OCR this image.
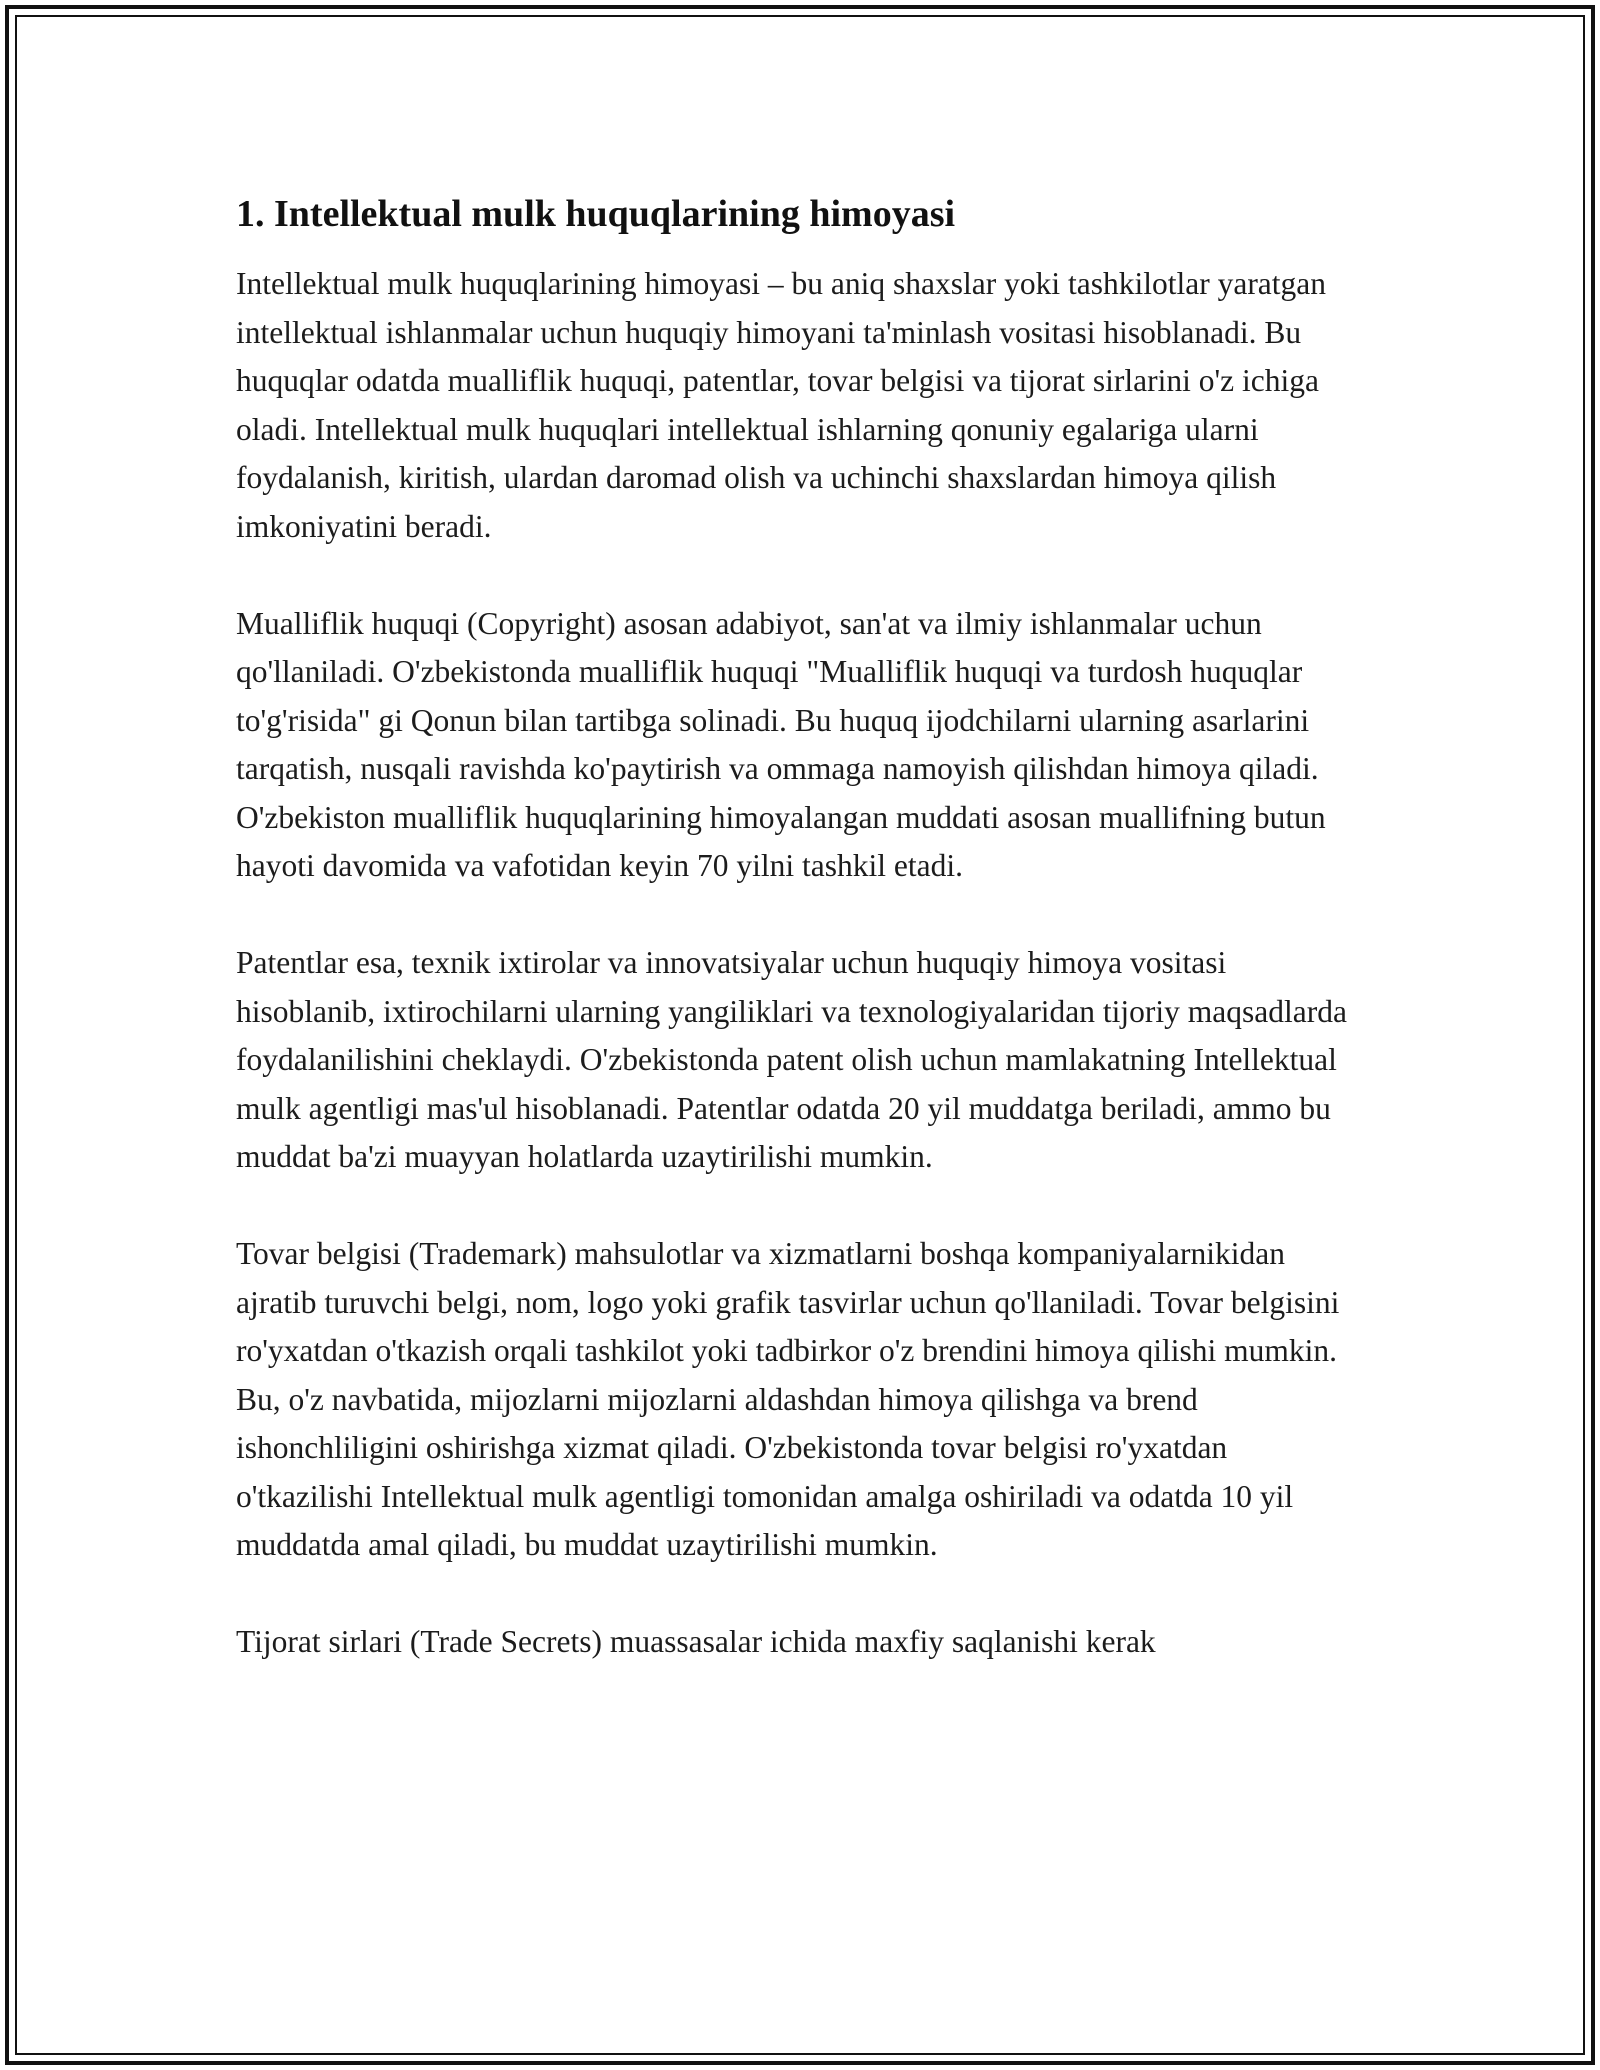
1. Intellektual mulk huquqlarining himoyasi

Intellektual mulk huquqlarining himoyasi – bu aniq shaxslar yoki tashkilotlar yaratgan intellektual ishlanmalar uchun huquqiy himoyani ta'minlash vositasi hisoblanadi. Bu huquqlar odatda mualliflik huquqi, patentlar, tovar belgisi va tijorat sirlarini o'z ichiga oladi. Intellektual mulk huquqlari intellektual ishlarning qonuniy egalariga ularni foydalanish, kiritish, ulardan daromad olish va uchinchi shaxslardan himoya qilish imkoniyatini beradi.

Mualliflik huquqi (Copyright) asosan adabiyot, san'at va ilmiy ishlanmalar uchun qo'llaniladi. O'zbekistonda mualliflik huquqi "Mualliflik huquqi va turdosh huquqlar to'g'risida" gi Qonun bilan tartibga solinadi. Bu huquq ijodchilarni ularning asarlarini tarqatish, nusqali ravishda ko'paytirish va ommaga namoyish qilishdan himoya qiladi. O'zbekiston mualliflik huquqlarining himoyalangan muddati asosan muallifning butun hayoti davomida va vafotidan keyin 70 yilni tashkil etadi.

Patentlar esa, texnik ixtirolar va innovatsiyalar uchun huquqiy himoya vositasi hisoblanib, ixtirochilarni ularning yangiliklari va texnologiyalaridan tijoriy maqsadlarda foydalanilishini cheklaydi. O'zbekistonda patent olish uchun mamlakatning Intellektual mulk agentligi mas'ul hisoblanadi. Patentlar odatda 20 yil muddatga beriladi, ammo bu muddat ba'zi muayyan holatlarda uzaytirilishi mumkin.

Tovar belgisi (Trademark) mahsulotlar va xizmatlarni boshqa kompaniyalarnikidan ajratib turuvchi belgi, nom, logo yoki grafik tasvirlar uchun qo'llaniladi. Tovar belgisini ro'yxatdan o'tkazish orqali tashkilot yoki tadbirkor o'z brendini himoya qilishi mumkin. Bu, o'z navbatida, mijozlarni mijozlarni aldashdan himoya qilishga va brend ishonchliligini oshirishga xizmat qiladi. O'zbekistonda tovar belgisi ro'yxatdan o'tkazilishi Intellektual mulk agentligi tomonidan amalga oshiriladi va odatda 10 yil muddatda amal qiladi, bu muddat uzaytirilishi mumkin.

Tijorat sirlari (Trade Secrets) muassasalar ichida maxfiy saqlanishi kerak
